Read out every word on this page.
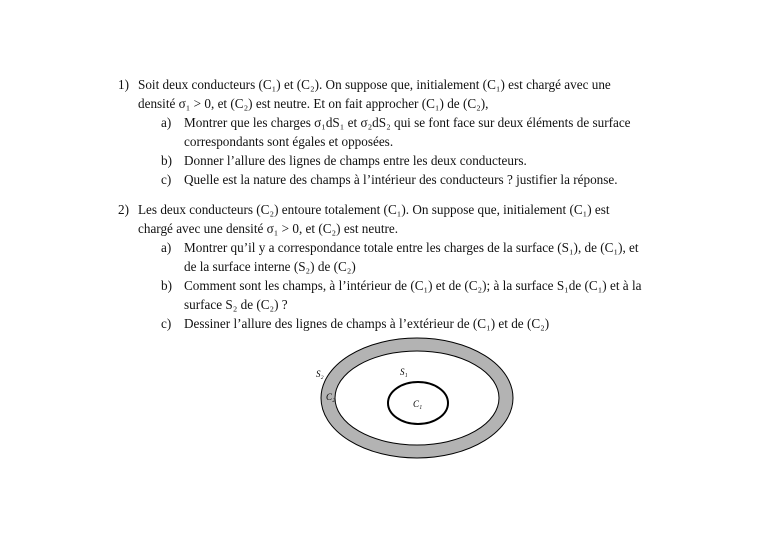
1) Soit deux conducteurs (C₁) et (C₂). On suppose que, initialement (C₁) est chargé avec une
densité σ₁ > 0, et (C₂) est neutre. Et on fait approcher (C₁) de (C₂),
a) Montrer que les charges σ₁dS₁ et σ₂dS₂ qui se font face sur deux éléments de surface
correspondants sont égales et opposées.
b) Donner l’allure des lignes de champs entre les deux conducteurs.
c) Quelle est la nature des champs à l’intérieur des conducteurs ? justifier la réponse.
2) Les deux conducteurs (C₂) entoure totalement (C₁). On suppose que, initialement (C₁) est
chargé avec une densité σ₁ > 0, et (C₂) est neutre.
a) Montrer qu’il y a correspondance totale entre les charges de la surface (S₁), de (C₁), et
de la surface interne (S₂) de (C₂)
b) Comment sont les champs, à l’intérieur de (C₁) et de (C₂); à la surface S₁de (C₁) et à la
surface S₂ de (C₂) ?
c) Dessiner l’allure des lignes de champs à l’extérieur de (C₁) et de (C₂)
S₂
C₂
S₁
C₁
